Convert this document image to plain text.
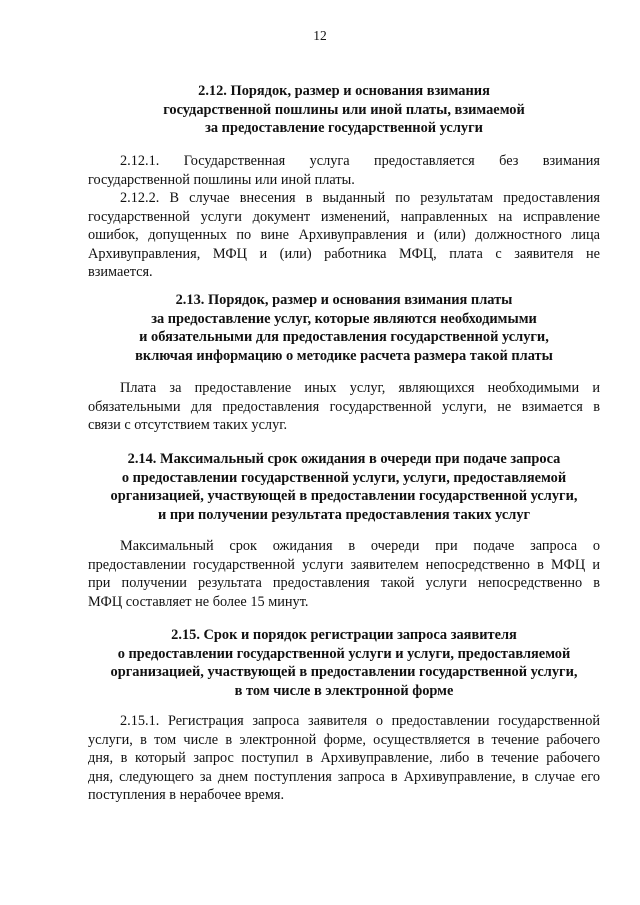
12
2.12. Порядок, размер и основания взимания
государственной пошлины или иной платы, взимаемой
за предоставление государственной услуги
2.12.1. Государственная услуга предоставляется без взимания
государственной пошлины или иной платы.
2.12.2. В случае внесения в выданный по результатам предоставления
государственной услуги документ изменений, направленных на исправление
ошибок, допущенных по вине Архивуправления и (или) должностного лица
Архивуправления, МФЦ и (или) работника МФЦ, плата с заявителя не
взимается.
2.13. Порядок, размер и основания взимания платы
за предоставление услуг, которые являются необходимыми
и обязательными для предоставления государственной услуги,
включая информацию о методике расчета размера такой платы
Плата за предоставление иных услуг, являющихся необходимыми и
обязательными для предоставления государственной услуги, не взимается в
связи с отсутствием таких услуг.
2.14. Максимальный срок ожидания в очереди при подаче запроса
о предоставлении государственной услуги, услуги, предоставляемой
организацией, участвующей в предоставлении государственной услуги,
и при получении результата предоставления таких услуг
Максимальный срок ожидания в очереди при подаче запроса о
предоставлении государственной услуги заявителем непосредственно в МФЦ и
при получении результата предоставления такой услуги непосредственно в
МФЦ составляет не более 15 минут.
2.15. Срок и порядок регистрации запроса заявителя
о предоставлении государственной услуги и услуги, предоставляемой
организацией, участвующей в предоставлении государственной услуги,
в том числе в электронной форме
2.15.1. Регистрация запроса заявителя о предоставлении государственной
услуги, в том числе в электронной форме, осуществляется в течение рабочего
дня, в который запрос поступил в Архивуправление, либо в течение рабочего
дня, следующего за днем поступления запроса в Архивуправление, в случае его
поступления в нерабочее время.
